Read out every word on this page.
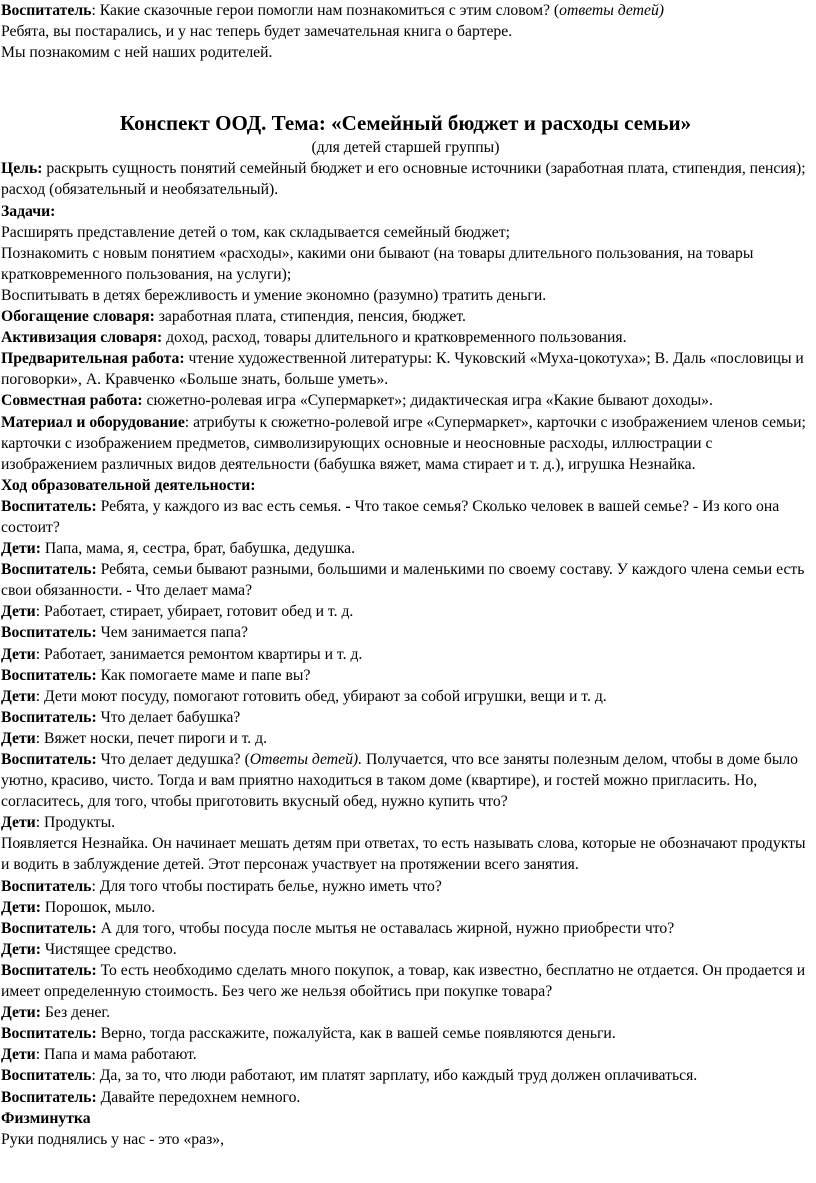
Воспитатель: Какие сказочные герои помогли нам познакомиться с этим словом? (ответы детей)

Ребята, вы постарались, и у нас теперь будет замечательная книга о бартере.

Мы познакомим с ней наших родителей.

Конспект ООД. Тема: «Семейный бюджет и расходы семьи»

(для детей старшей группы)

Цель: раскрыть сущность понятий семейный бюджет и его основные источники (заработная плата, стипендия, пенсия); расход (обязательный и необязательный).

Задачи:

Расширять представление детей о том, как складывается семейный бюджет;

Познакомить с новым понятием «расходы», какими они бывают (на товары длительного пользования, на товары кратковременного пользования, на услуги);

Воспитывать в детях бережливость и умение экономно (разумно) тратить деньги.

Обогащение словаря: заработная плата, стипендия, пенсия, бюджет.

Активизация словаря: доход, расход, товары длительного и кратковременного пользования.

Предварительная работа: чтение художественной литературы: К. Чуковский «Муха-цокотуха»; В. Даль «пословицы и поговорки», А. Кравченко «Больше знать, больше уметь».

Совместная работа: сюжетно-ролевая игра «Супермаркет»; дидактическая игра «Какие бывают доходы».

Материал и оборудование: атрибуты к сюжетно-ролевой игре «Супермаркет», карточки с изображением членов семьи; карточки с изображением предметов, символизирующих основные и неосновные расходы, иллюстрации с изображением различных видов деятельности (бабушка вяжет, мама стирает и т. д.), игрушка Незнайка.

Ход образовательной деятельности:

Воспитатель: Ребята, у каждого из вас есть семья. - Что такое семья? Сколько человек в вашей семье? - Из кого она состоит?

Дети: Папа, мама, я, сестра, брат, бабушка, дедушка.

Воспитатель: Ребята, семьи бывают разными, большими и маленькими по своему составу. У каждого члена семьи есть свои обязанности. - Что делает мама?

Дети: Работает, стирает, убирает, готовит обед и т. д.

Воспитатель: Чем занимается папа?

Дети: Работает, занимается ремонтом квартиры и т. д.

Воспитатель: Как помогаете маме и папе вы?

Дети: Дети моют посуду, помогают готовить обед, убирают за собой игрушки, вещи и т. д.

Воспитатель: Что делает бабушка?

Дети: Вяжет носки, печет пироги и т. д.

Воспитатель: Что делает дедушка? (Ответы детей). Получается, что все заняты полезным делом, чтобы в доме было уютно, красиво, чисто. Тогда и вам приятно находиться в таком доме (квартире), и гостей можно пригласить. Но, согласитесь, для того, чтобы приготовить вкусный обед, нужно купить что?

Дети: Продукты.

Появляется Незнайка. Он начинает мешать детям при ответах, то есть называть слова, которые не обозначают продукты и водить в заблуждение детей. Этот персонаж участвует на протяжении всего занятия.

Воспитатель: Для того чтобы постирать белье, нужно иметь что?

Дети: Порошок, мыло.

Воспитатель: А для того, чтобы посуда после мытья не оставалась жирной, нужно приобрести что?

Дети: Чистящее средство.

Воспитатель: То есть необходимо сделать много покупок, а товар, как известно, бесплатно не отдается. Он продается и имеет определенную стоимость. Без чего же нельзя обойтись при покупке товара?

Дети: Без денег.

Воспитатель: Верно, тогда расскажите, пожалуйста, как в вашей семье появляются деньги.

Дети: Папа и мама работают.

Воспитатель: Да, за то, что люди работают, им платят зарплату, ибо каждый труд должен оплачиваться.

Воспитатель: Давайте передохнем немного.

Физминутка

Руки поднялись у нас - это «раз»,
